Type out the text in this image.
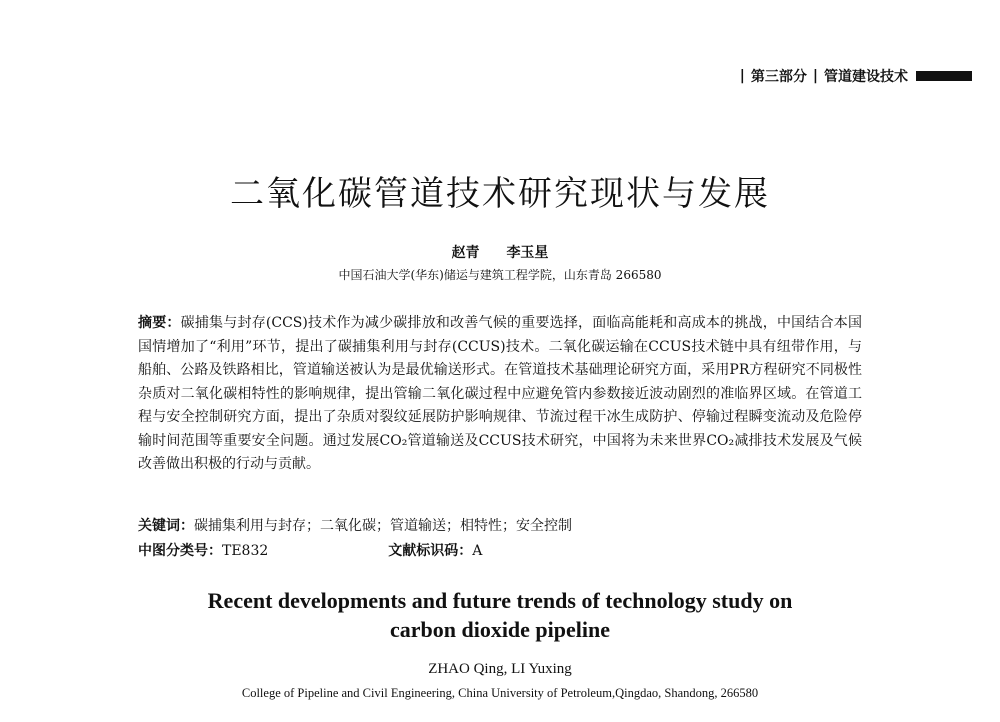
| 第三部分 | 管道建设技术
二氧化碳管道技术研究现状与发展
赵青 李玉星
中国石油大学(华东)储运与建筑工程学院，山东青岛 266580
摘要：碳捕集与封存(CCS)技术作为减少碳排放和改善气候的重要选择，面临高能耗和高成本的挑战，中国结合本国国情增加了“利用”环节，提出了碳捕集利用与封存(CCUS)技术。二氧化碳运输在CCUS技术链中具有纽带作用，与船舶、公路及铁路相比，管道输送被认为是最优输送形式。在管道技术基础理论研究方面，采用PR方程研究不同极性杂质对二氧化碳相特性的影响规律，提出管输二氧化碳过程中应避免管内参数接近波动剧烈的准临界区域。在管道工程与安全控制研究方面，提出了杂质对裂纹延展防护影响规律、节流过程干冰生成防护、停输过程瞬变流动及危险停输时间范围等重要安全问题。通过发展CO₂管道输送及CCUS技术研究，中国将为未来世界CO₂减排技术发展及气候改善做出积极的行动与贡献。
关键词：碳捕集利用与封存；二氧化碳；管道输送；相特性；安全控制
中图分类号：TE832	文献标识码：A
Recent developments and future trends of technology study on
carbon dioxide pipeline
ZHAO Qing, LI Yuxing
College of Pipeline and Civil Engineering, China University of Petroleum,Qingdao, Shandong, 266580
